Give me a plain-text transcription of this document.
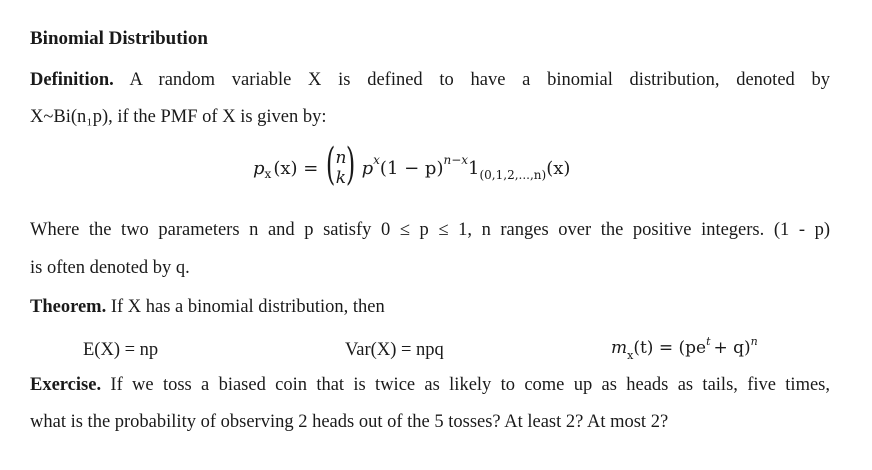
Binomial Distribution
Definition. A random variable X is defined to have a binomial distribution, denoted by
X~Bi(n₁p), if the PMF of X is given by:
p x (x) = ( n
k ) p x (1 − p) n−x 1 (0,1,2,...,n) (x)
Where the two parameters n and p satisfy 0 ≤ p ≤ 1, n ranges over the positive integers. (1 - p)
is often denoted by q.
Theorem. If X has a binomial distribution, then
E(X) = np	Var(X) = npq	$m_x(t) = (pe^t + q)^n$
Exercise. If we toss a biased coin that is twice as likely to come up as heads as tails, five times,
what is the probability of observing 2 heads out of the 5 tosses? At least 2? At most 2?
